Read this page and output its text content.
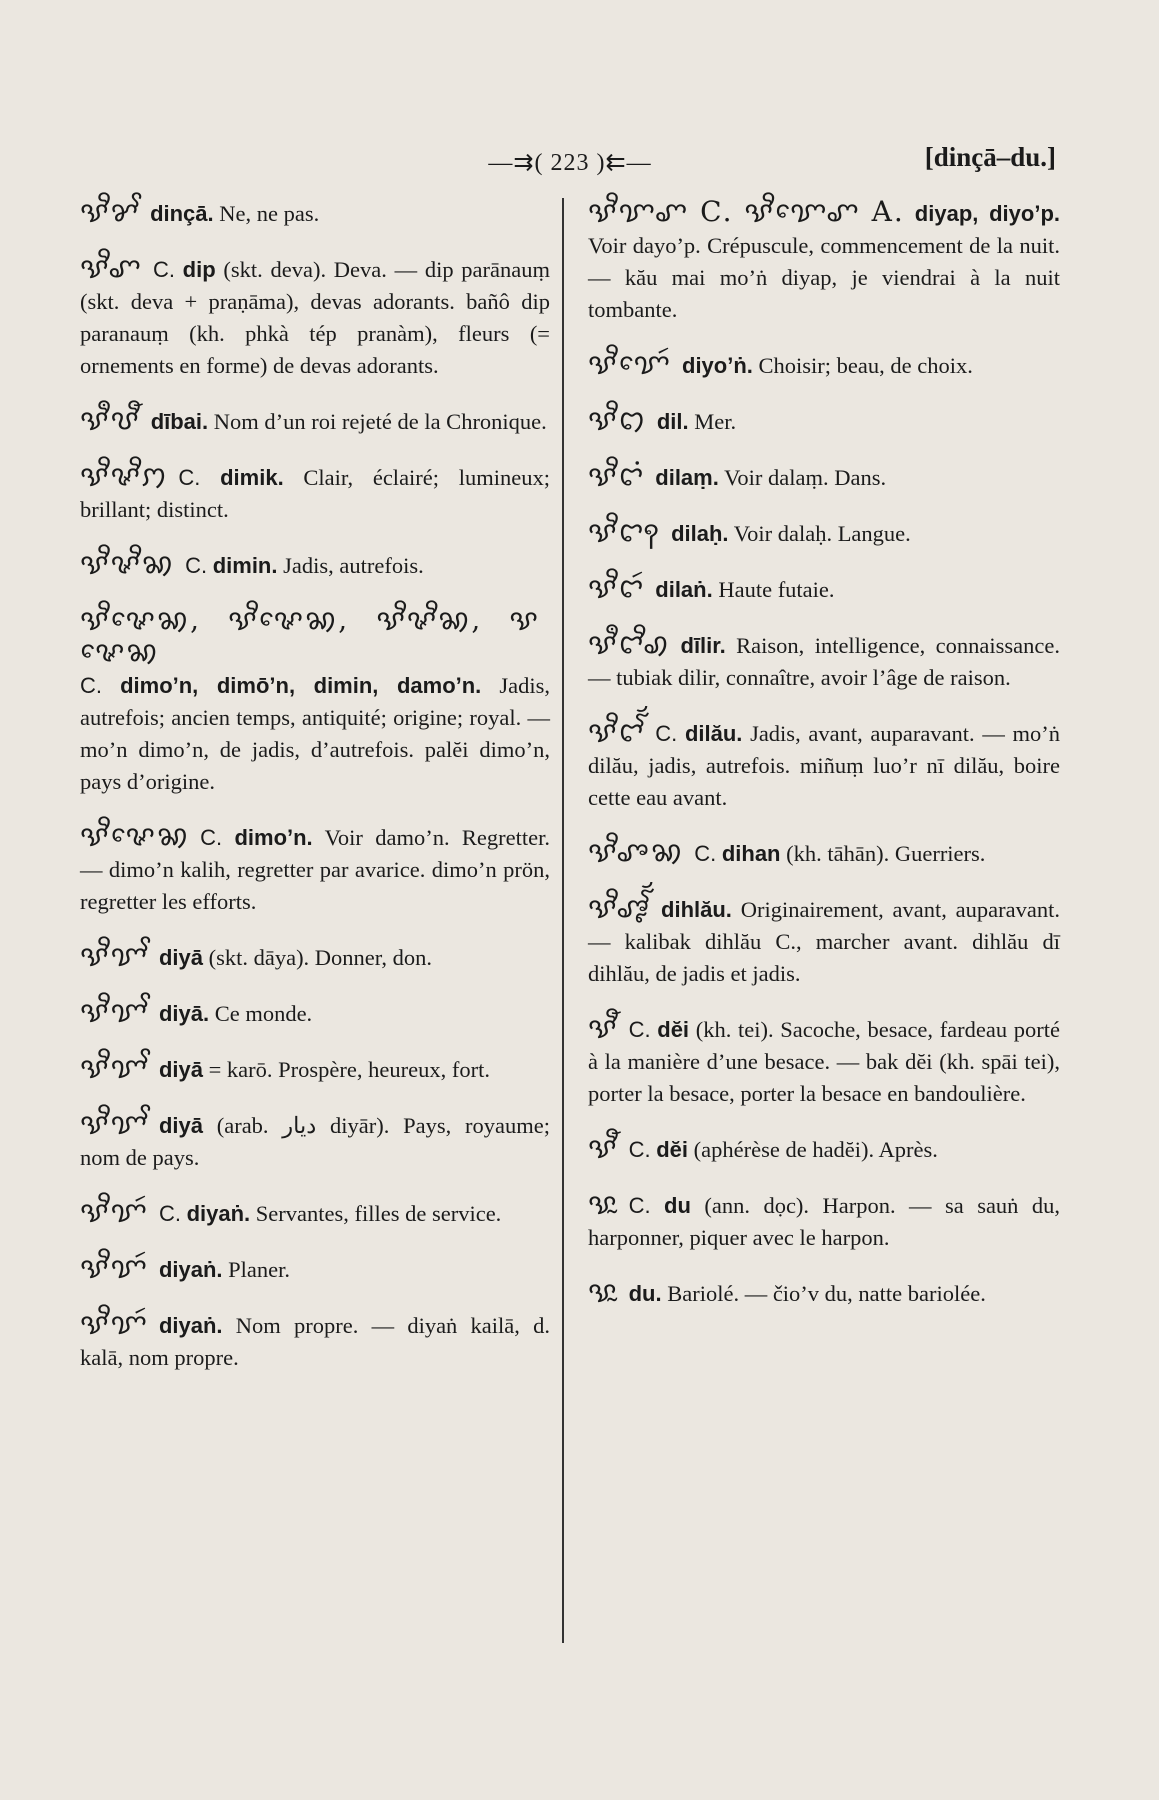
—⇉( 223 )⇇—	[dinçā–du.]
ꨕꨪꨌꨩ dinçā. Ne, ne pas.
ꨕꨪꨚ C. dip (skt. deva). Deva. — dip parānauṃ (skt. deva + praṇāma), devas adorants. bañô dip paranauṃ (kh. phkà tép pranàm), fleurs (= ornements en forme) de devas adorants.
ꨕꨫꨝꨬ dībai. Nom d’un roi rejeté de la Chronique.
ꨕꨪꨟꨪꩀ C. dimik. Clair, éclairé; lumineux; brillant; distinct.
ꨕꨪꨟꨪꩆ C. dimin. Jadis, autrefois.
ꨕꨪꨟꨯꩆ, ꨕꨪꨟꨯꩆ, ꨕꨪꨟꨪꩆ, ꨕꨟꨯꩆC. dimo’n, dimō’n, dimin, damo’n. Jadis, autrefois; ancien temps, antiquité; origine; royal. — mo’n dimo’n, de jadis, d’autrefois. palĕi dimo’n, pays d’origine.
ꨕꨪꨟꨯꩆ C. dimo’n. Voir damo’n. Regretter. — dimo’n kalih, regretter par avarice. dimo’n prön, regretter les efforts.
ꨕꨪꨢꨩ diyā (skt. dāya). Donner, don.
ꨕꨪꨢꨩ diyā. Ce monde.
ꨕꨪꨢꨩ diyā = karō. Prospère, heureux, fort.
ꨕꨪꨢꨩ diyā (arab. ديار diyār). Pays, royaume; nom de pays.
ꨕꨪꨢꩃ C. diyaṅ. Servantes, filles de service.
ꨕꨪꨢꩃ diyaṅ. Planer.
ꨕꨪꨢꩃ diyaṅ. Nom propre. — diyaṅ kailā, d. kalā, nom propre.
ꨕꨪꨢꨚ C. ꨕꨪꨢꨯꨚ A. diyap, diyo’p. Voir dayo’p. Crépuscule, commencement de la nuit. — kău mai mo’ṅ diyap, je viendrai à la nuit tombante.
ꨕꨪꨢꨯꩃ diyo’ṅ. Choisir; beau, de choix.
ꨕꨪꩊ dil. Mer.
ꨕꨪꨤꩌ dilaṃ. Voir dalaṃ. Dans.
ꨕꨪꨤꩍ dilaḥ. Voir dalaḥ. Langue.
ꨕꨪꨤꩃ dilaṅ. Haute futaie.
ꨕꨫꨤꨪꩉ dīlir. Raison, intelligence, connaissance. — tubiak dilir, connaître, avoir l’âge de raison.
ꨕꨪꨤꨮꨱ C. dilău. Jadis, avant, auparavant. — mo’ṅ dilău, jadis, autrefois. miñuṃ luo’r nī dilău, boire cette eau avant.
ꨕꨪꨨꩆ C. dihan (kh. tāhān). Guerriers.
ꨕꨪꨨꨵꨮꨱ dihlău. Originairement, avant, auparavant. — kalibak dihlău C., marcher avant. dihlău dī dihlău, de jadis et jadis.
ꨕꨬ C. dĕi (kh. tei). Sacoche, besace, fardeau porté à la manière d’une besace. — bak dĕi (kh. spāi tei), porter la besace, porter la besace en bandoulière.
ꨕꨬ C. dĕi (aphérèse de hadĕi). Après.
ꨕꨭ C. du (ann. dọc). Harpon. — sa sauṅ du, harponner, piquer avec le harpon.
ꨕꨭ du. Bariolé. — čio’v du, natte bariolée.
